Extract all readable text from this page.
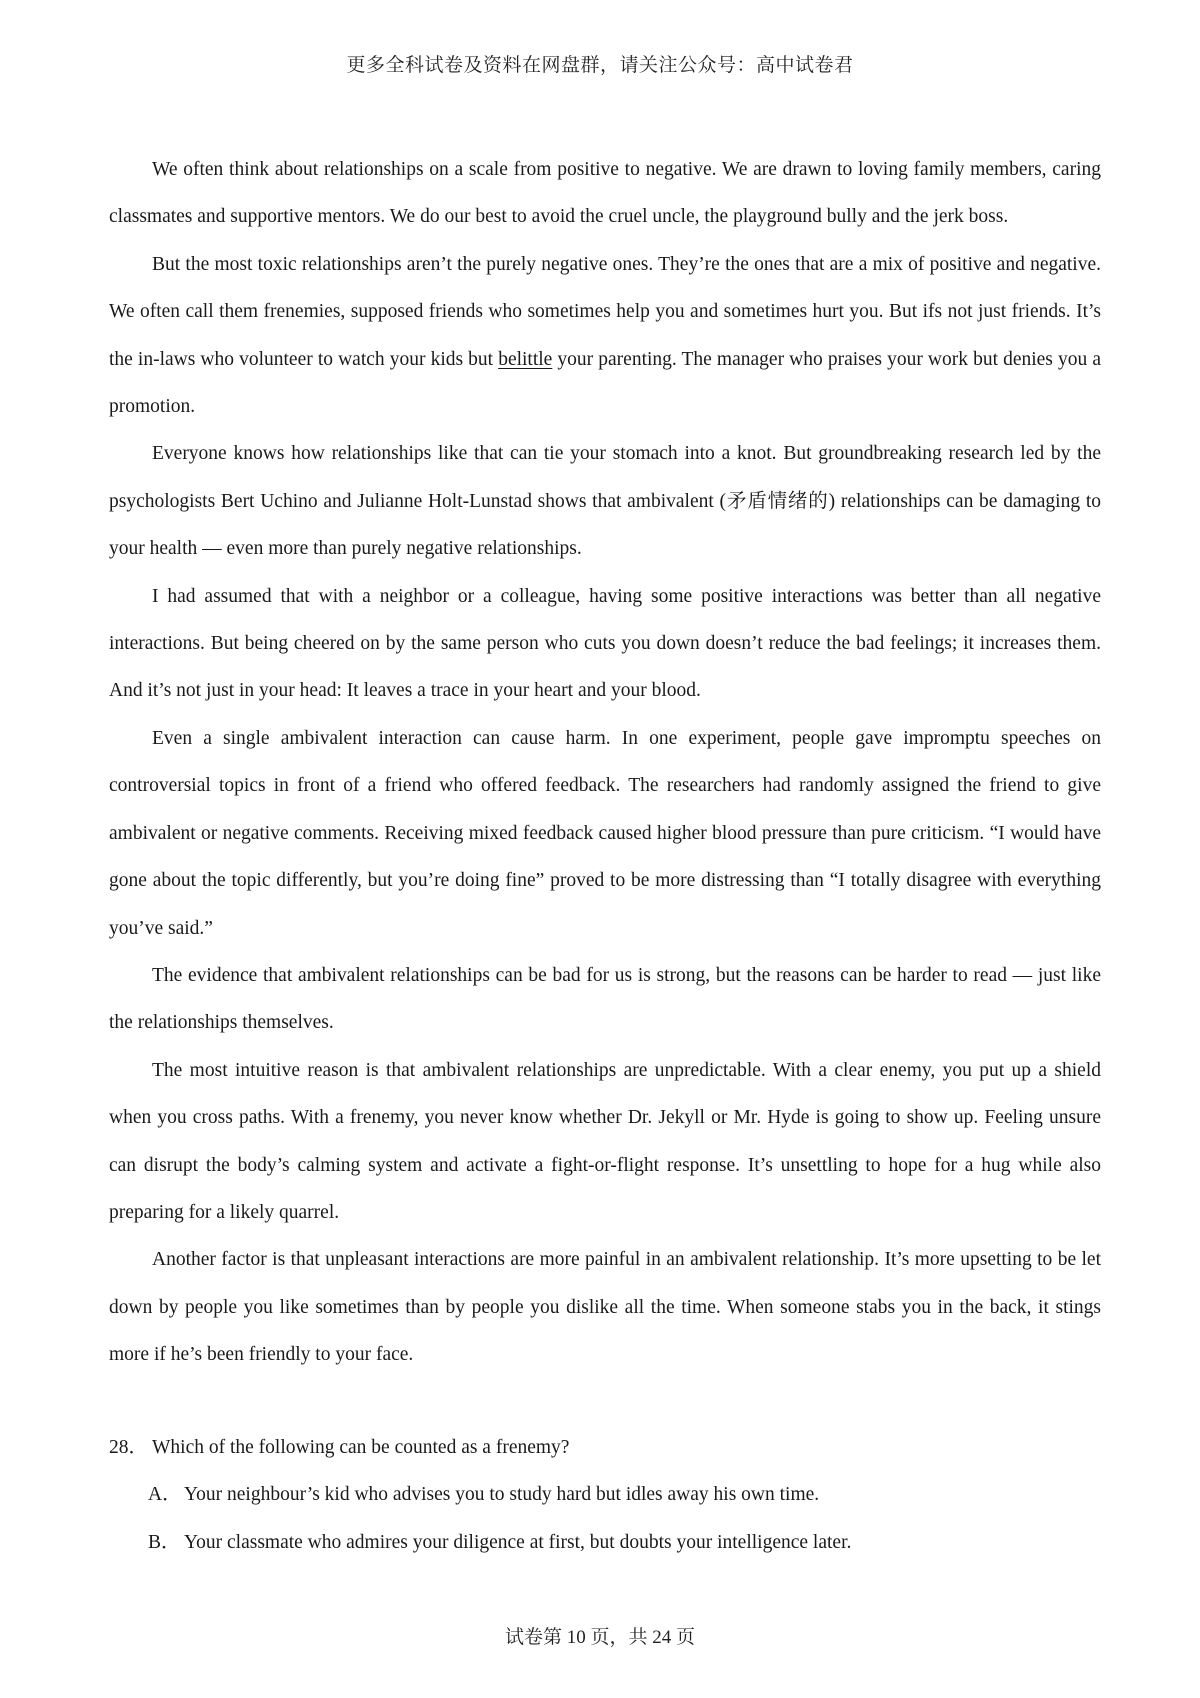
更多全科试卷及资料在网盘群，请关注公众号：高中试卷君

We often think about relationships on a scale from positive to negative. We are drawn to loving family members, caring classmates and supportive mentors. We do our best to avoid the cruel uncle, the playground bully and the jerk boss.

But the most toxic relationships aren’t the purely negative ones. They’re the ones that are a mix of positive and negative. We often call them frenemies, supposed friends who sometimes help you and sometimes hurt you. But ifs not just friends. It’s the in-laws who volunteer to watch your kids but belittle your parenting. The manager who praises your work but denies you a promotion.

Everyone knows how relationships like that can tie your stomach into a knot. But groundbreaking research led by the psychologists Bert Uchino and Julianne Holt-Lunstad shows that ambivalent (矛盾情绪的) relationships can be damaging to your health — even more than purely negative relationships.

I had assumed that with a neighbor or a colleague, having some positive interactions was better than all negative interactions. But being cheered on by the same person who cuts you down doesn’t reduce the bad feelings; it increases them. And it’s not just in your head: It leaves a trace in your heart and your blood.

Even a single ambivalent interaction can cause harm. In one experiment, people gave impromptu speeches on controversial topics in front of a friend who offered feedback. The researchers had randomly assigned the friend to give ambivalent or negative comments. Receiving mixed feedback caused higher blood pressure than pure criticism. “I would have gone about the topic differently, but you’re doing fine” proved to be more distressing than “I totally disagree with everything you’ve said.”

The evidence that ambivalent relationships can be bad for us is strong, but the reasons can be harder to read — just like the relationships themselves.

The most intuitive reason is that ambivalent relationships are unpredictable. With a clear enemy, you put up a shield when you cross paths. With a frenemy, you never know whether Dr. Jekyll or Mr. Hyde is going to show up. Feeling unsure can disrupt the body’s calming system and activate a fight-or-flight response. It’s unsettling to hope for a hug while also preparing for a likely quarrel.

Another factor is that unpleasant interactions are more painful in an ambivalent relationship. It’s more upsetting to be let down by people you like sometimes than by people you dislike all the time. When someone stabs you in the back, it stings more if he’s been friendly to your face.

28． Which of the following can be counted as a frenemy?
A． Your neighbour’s kid who advises you to study hard but idles away his own time.
B． Your classmate who admires your diligence at first, but doubts your intelligence later.
试卷第 10 页，共 24 页
